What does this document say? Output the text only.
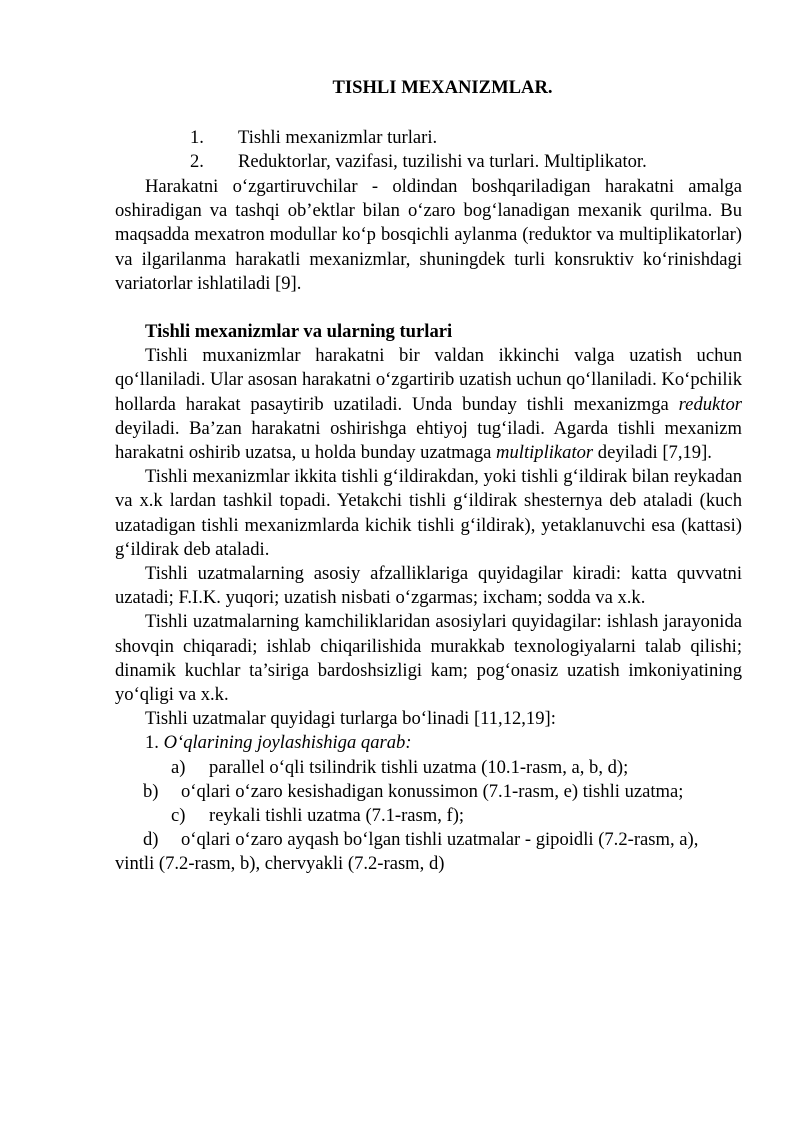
TISHLI MEXANIZMLAR.
1. Tishli mexanizmlar turlari.
2. Reduktorlar, vazifasi, tuzilishi va turlari. Multiplikator.

Harakatni o‘zgartiruvchilar - oldindan boshqariladigan harakatni amalga oshiradigan va tashqi ob’ektlar bilan o‘zaro bog‘lanadigan mexanik qurilma. Bu maqsadda mexatron modullar ko‘p bosqichli aylanma (reduktor va multiplikatorlar) va ilgarilanma harakatli mexanizmlar, shuningdek turli konsruktiv ko‘rinishdagi variatorlar ishlatiladi [9].

Tishli mexanizmlar va ularning turlari

Tishli muxanizmlar harakatni bir valdan ikkinchi valga uzatish uchun qo‘llaniladi. Ular asosan harakatni o‘zgartirib uzatish uchun qo‘llaniladi. Ko‘pchilik hollarda harakat pasaytirib uzatiladi. Unda bunday tishli mexanizmga reduktor deyiladi. Ba’zan harakatni oshirishga ehtiyoj tug‘iladi. Agarda tishli mexanizm harakatni oshirib uzatsa, u holda bunday uzatmaga multiplikator deyiladi [7,19].

Tishli mexanizmlar ikkita tishli g‘ildirakdan, yoki tishli g‘ildirak bilan reykadan va x.k lardan tashkil topadi. Yetakchi tishli g‘ildirak shesternya deb ataladi (kuch uzatadigan tishli mexanizmlarda kichik tishli g‘ildirak), yetaklanuvchi esa (kattasi) g‘ildirak deb ataladi.

Tishli uzatmalarning asosiy afzalliklariga quyidagilar kiradi: katta quvvatni uzatadi; F.I.K. yuqori; uzatish nisbati o‘zgarmas; ixcham; sodda va x.k.

Tishli uzatmalarning kamchiliklaridan asosiylari quyidagilar: ishlash jarayonida shovqin chiqaradi; ishlab chiqarilishida murakkab texnologiyalarni talab qilishi; dinamik kuchlar ta’siriga bardoshsizligi kam; pog‘onasiz uzatish imkoniyatining yo‘qligi va x.k.

Tishli uzatmalar quyidagi turlarga bo‘linadi [11,12,19]:

1. O‘qlarining joylashishiga qarab:

a) parallel o‘qli tsilindrik tishli uzatma (10.1-rasm, a, b, d);

b) o‘qlari o‘zaro kesishadigan konussimon (7.1-rasm, e) tishli uzatma;

c) reykali tishli uzatma (7.1-rasm, f);

d) o‘qlari o‘zaro ayqash bo‘lgan tishli uzatmalar - gipoidli (7.2-rasm, a), vintli (7.2-rasm, b), chervyakli (7.2-rasm, d)
